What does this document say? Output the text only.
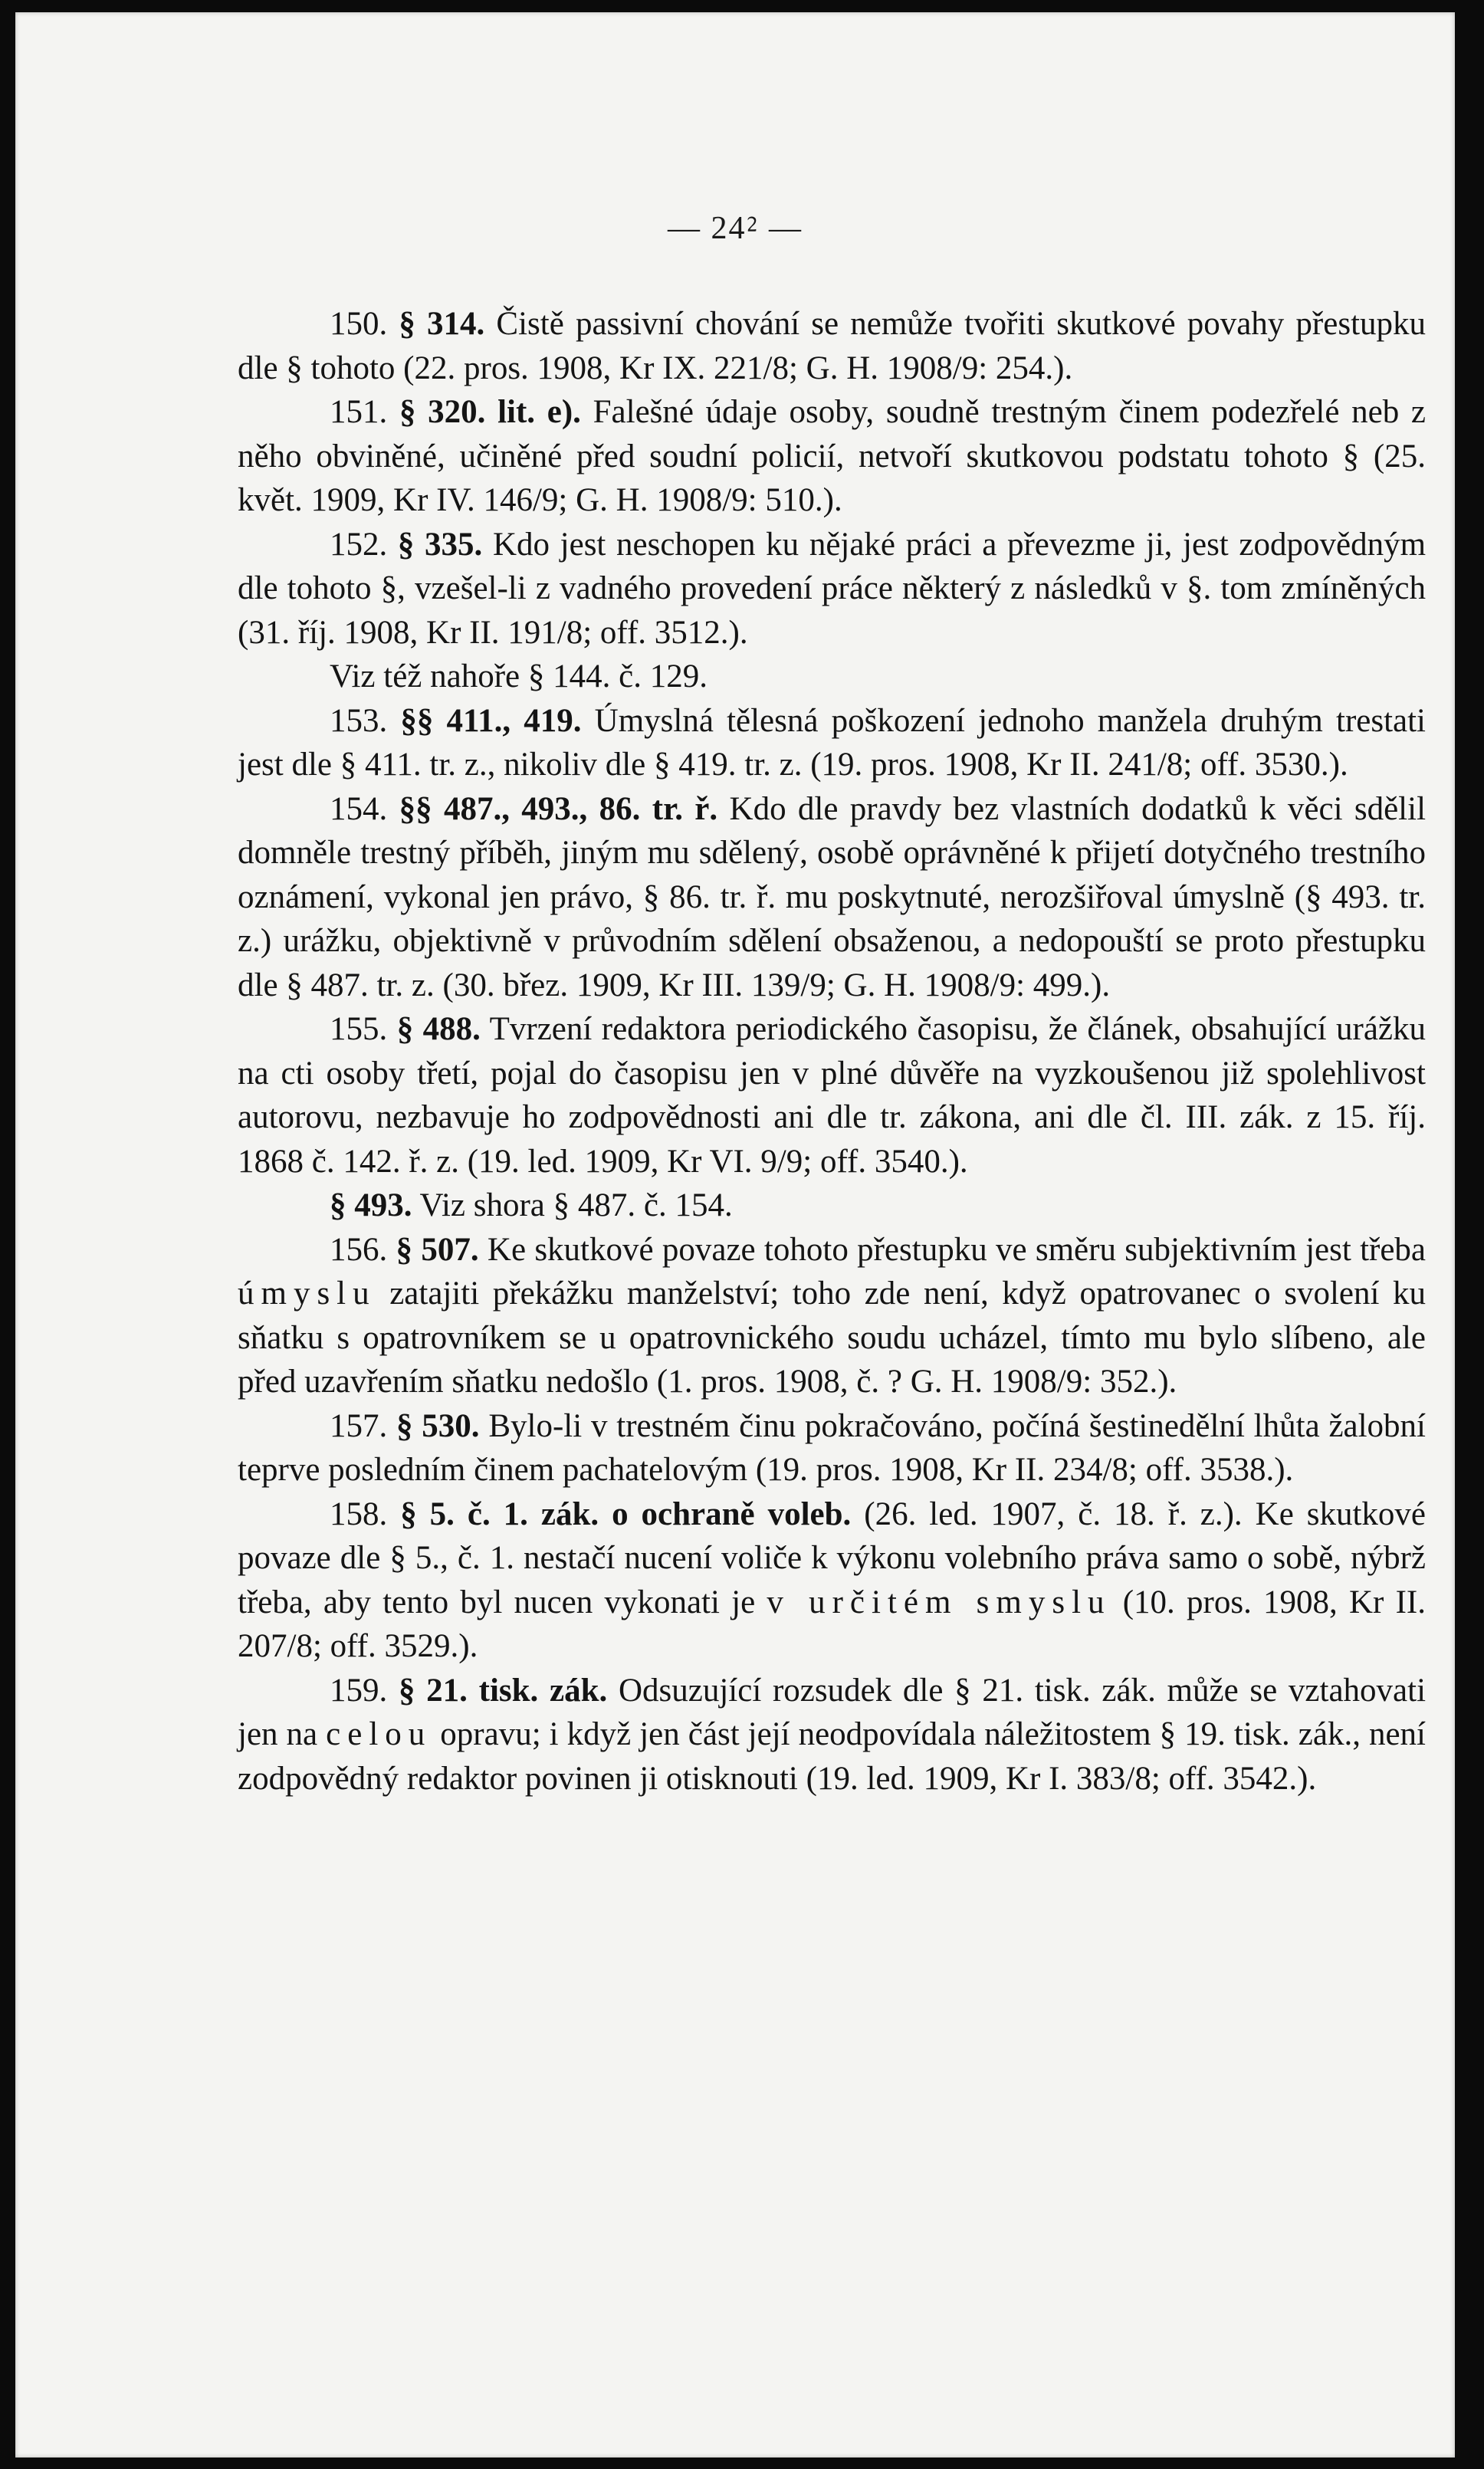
— 24⁲ —

150. § 314. Čistě passivní chování se nemůže tvořiti skutkové povahy přestupku dle § tohoto (22. pros. 1908, Kr IX. 221/8; G. H. 1908/9: 254.).

151. § 320. lit. e). Falešné údaje osoby, soudně trestným činem podezřelé neb z něho obviněné, učiněné před soudní policií, netvoří skutkovou podstatu tohoto § (25. květ. 1909, Kr IV. 146/9; G. H. 1908/9: 510.).

152. § 335. Kdo jest neschopen ku nějaké práci a převezme ji, jest zodpovědným dle tohoto §, vzešel-li z vadného provedení práce některý z následků v §. tom zmíněných (31. říj. 1908, Kr II. 191/8; off. 3512.).

Viz též nahoře § 144. č. 129.

153. §§ 411., 419. Úmyslná tělesná poškození jednoho manžela druhým trestati jest dle § 411. tr. z., nikoliv dle § 419. tr. z. (19. pros. 1908, Kr II. 241/8; off. 3530.).

154. §§ 487., 493., 86. tr. ř. Kdo dle pravdy bez vlastních dodatků k věci sdělil domněle trestný příběh, jiným mu sdělený, osobě oprávněné k přijetí dotyčného trestního oznámení, vykonal jen právo, § 86. tr. ř. mu poskytnuté, nerozšiřoval úmyslně (§ 493. tr. z.) urážku, objektivně v průvodním sdělení obsaženou, a nedopouští se proto přestupku dle § 487. tr. z. (30. břez. 1909, Kr III. 139/9; G. H. 1908/9: 499.).

155. § 488. Tvrzení redaktora periodického časopisu, že článek, obsahující urážku na cti osoby třetí, pojal do časopisu jen v plné důvěře na vyzkoušenou již spolehlivost autorovu, nezbavuje ho zodpovědnosti ani dle tr. zákona, ani dle čl. III. zák. z 15. říj. 1868 č. 142. ř. z. (19. led. 1909, Kr VI. 9/9; off. 3540.).

§ 493. Viz shora § 487. č. 154.

156. § 507. Ke skutkové povaze tohoto přestupku ve směru subjektivním jest třeba úmyslu zatajiti překážku manželství; toho zde není, když opatrovanec o svolení ku sňatku s opatrovníkem se u opatrovnického soudu ucházel, tímto mu bylo slíbeno, ale před uzavřením sňatku nedošlo (1. pros. 1908, č. ? G. H. 1908/9: 352.).

157. § 530. Bylo-li v trestném činu pokračováno, počíná šestinedělní lhůta žalobní teprve posledním činem pachatelovým (19. pros. 1908, Kr II. 234/8; off. 3538.).

158. § 5. č. 1. zák. o ochraně voleb. (26. led. 1907, č. 18. ř. z.). Ke skutkové povaze dle § 5., č. 1. nestačí nucení voliče k výkonu volebního práva samo o sobě, nýbrž třeba, aby tento byl nucen vykonati je v určitém smyslu (10. pros. 1908, Kr II. 207/8; off. 3529.).

159. § 21. tisk. zák. Odsuzující rozsudek dle § 21. tisk. zák. může se vztahovati jen na celou opravu; i když jen část její neodpovídala náležitostem § 19. tisk. zák., není zodpovědný redaktor povinen ji otisknouti (19. led. 1909, Kr I. 383/8; off. 3542.).
